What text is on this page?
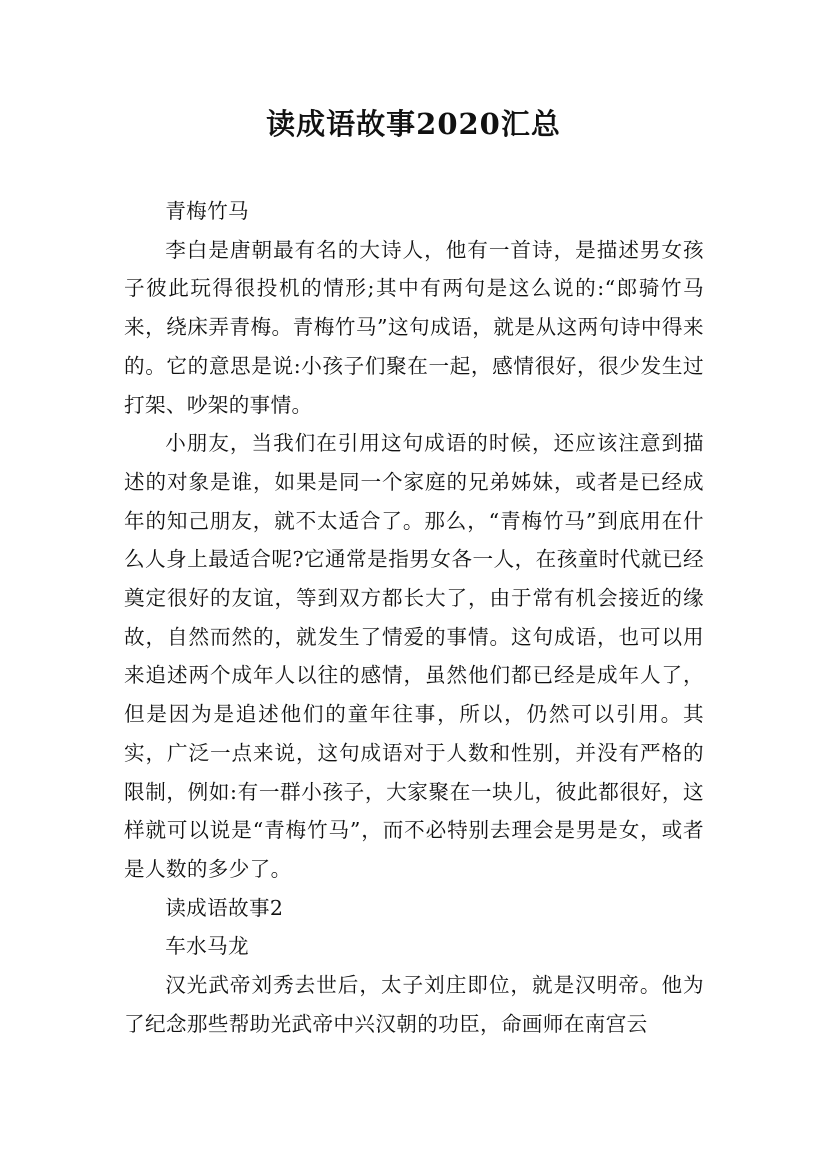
读成语故事2020汇总

青梅竹马

李白是唐朝最有名的大诗人，他有一首诗，是描述男女孩子彼此玩得很投机的情形;其中有两句是这么说的:“郎骑竹马来，绕床弄青梅。青梅竹马”这句成语，就是从这两句诗中得来的。它的意思是说:小孩子们聚在一起，感情很好，很少发生过打架、吵架的事情。

小朋友，当我们在引用这句成语的时候，还应该注意到描述的对象是谁，如果是同一个家庭的兄弟姊妹，或者是已经成年的知己朋友，就不太适合了。那么，“青梅竹马”到底用在什么人身上最适合呢?它通常是指男女各一人，在孩童时代就已经奠定很好的友谊，等到双方都长大了，由于常有机会接近的缘故，自然而然的，就发生了情爱的事情。这句成语，也可以用来追述两个成年人以往的感情，虽然他们都已经是成年人了，但是因为是追述他们的童年往事，所以，仍然可以引用。其实，广泛一点来说，这句成语对于人数和性别，并没有严格的限制，例如:有一群小孩子，大家聚在一块儿，彼此都很好，这样就可以说是“青梅竹马”，而不必特别去理会是男是女，或者是人数的多少了。

读成语故事2

车水马龙

汉光武帝刘秀去世后，太子刘庄即位，就是汉明帝。他为了纪念那些帮助光武帝中兴汉朝的功臣，命画师在南宫云
